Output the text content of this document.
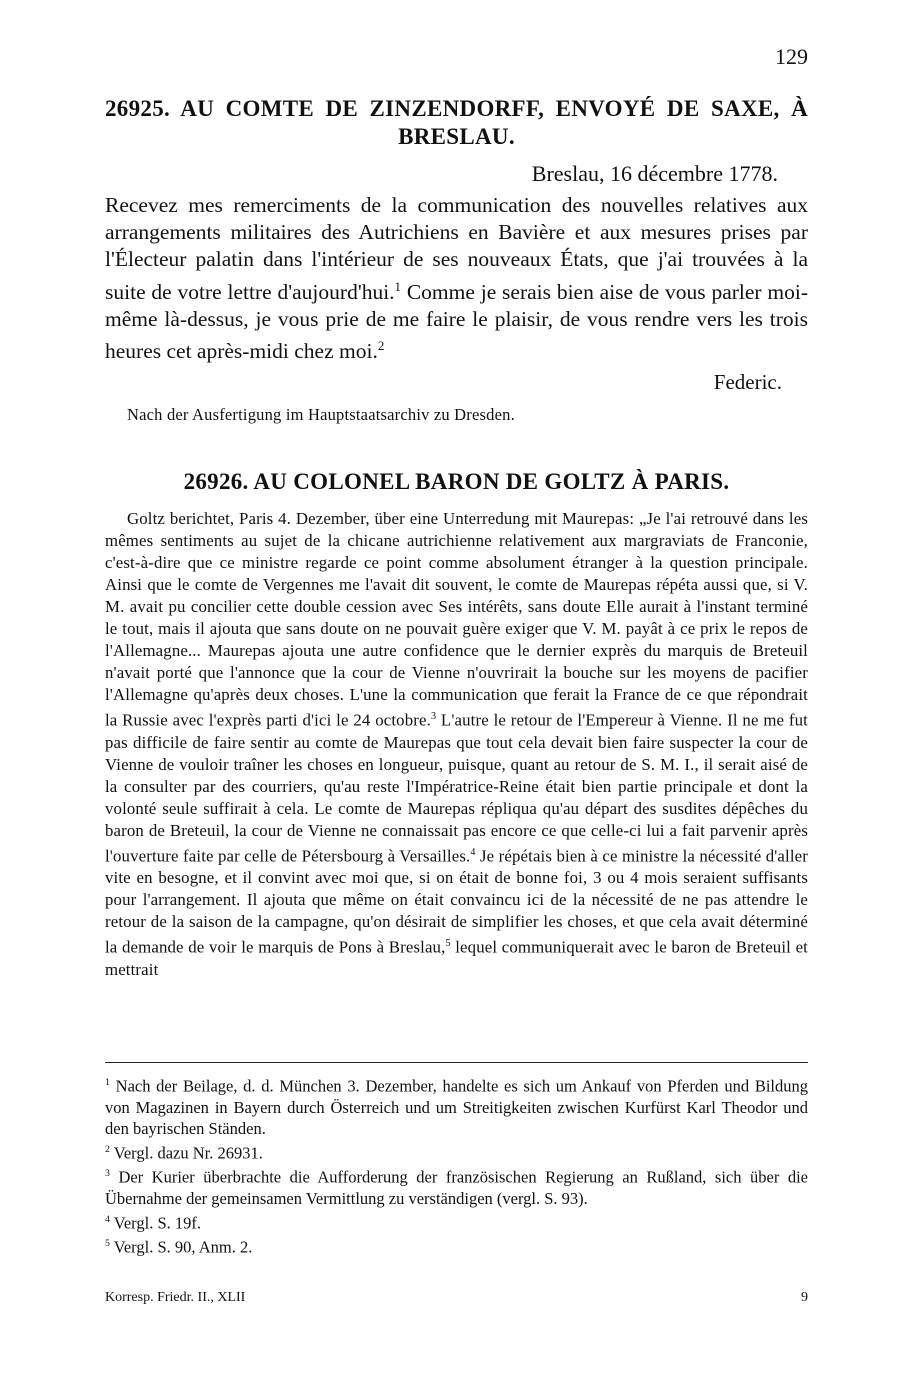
129
26925. AU COMTE DE ZINZENDORFF, ENVOYÉ DE SAXE, À BRESLAU.
Breslau, 16 décembre 1778.

Recevez mes remerciments de la communication des nouvelles relatives aux arrangements militaires des Autrichiens en Bavière et aux mesures prises par l'Électeur palatin dans l'intérieur de ses nouveaux États, que j'ai trouvées à la suite de votre lettre d'aujourd'hui.$^1$ Comme je serais bien aise de vous parler moi-même là-dessus, je vous prie de me faire le plaisir, de vous rendre vers les trois heures cet après-midi chez moi.$^2$

Federic.
Nach der Ausfertigung im Hauptstaatsarchiv zu Dresden.
26926. AU COLONEL BARON DE GOLTZ À PARIS.

Goltz berichtet, Paris 4. Dezember, über eine Unterredung mit Maurepas: „Je l'ai retrouvé dans les mêmes sentiments au sujet de la chicane autrichienne relativement aux margraviats de Franconie, c'est-à-dire que ce ministre regarde ce point comme absolument étranger à la question principale. Ainsi que le comte de Vergennes me l'avait dit souvent, le comte de Maurepas répéta aussi que, si V. M. avait pu concilier cette double cession avec Ses intérêts, sans doute Elle aurait à l'instant terminé le tout, mais il ajouta que sans doute on ne pouvait guère exiger que V. M. payât à ce prix le repos de l'Allemagne... Maurepas ajouta une autre confidence que le dernier exprès du marquis de Breteuil n'avait porté que l'annonce que la cour de Vienne n'ouvrirait la bouche sur les moyens de pacifier l'Allemagne qu'après deux choses. L'une la communication que ferait la France de ce que répondrait la Russie avec l'exprès parti d'ici le 24 octobre.$^3$ L'autre le retour de l'Empereur à Vienne. Il ne me fut pas difficile de faire sentir au comte de Maurepas que tout cela devait bien faire suspecter la cour de Vienne de vouloir traîner les choses en longueur, puisque, quant au retour de S. M. I., il serait aisé de la consulter par des courriers, qu'au reste l'Impératrice-Reine était bien partie principale et dont la volonté seule suffirait à cela. Le comte de Maurepas répliqua qu'au départ des susdites dépêches du baron de Breteuil, la cour de Vienne ne connaissait pas encore ce que celle-ci lui a fait parvenir après l'ouverture faite par celle de Pétersbourg à Versailles.$^4$ Je répétais bien à ce ministre la nécessité d'aller vite en besogne, et il convint avec moi que, si on était de bonne foi, 3 ou 4 mois seraient suffisants pour l'arrangement. Il ajouta que même on était convaincu ici de la nécessité de ne pas attendre le retour de la saison de la campagne, qu'on désirait de simplifier les choses, et que cela avait déterminé la demande de voir le marquis de Pons à Breslau,$^5$ lequel communiquerait avec le baron de Breteuil et mettrait

$^1$ Nach der Beilage, d. d. München 3. Dezember, handelte es sich um Ankauf von Pferden und Bildung von Magazinen in Bayern durch Österreich und um Streitigkeiten zwischen Kurfürst Karl Theodor und den bayrischen Ständen.

$^2$ Vergl. dazu Nr. 26931.

$^3$ Der Kurier überbrachte die Aufforderung der französischen Regierung an Rußland, sich über die Übernahme der gemeinsamen Vermittlung zu verständigen (vergl. S. 93).

$^4$ Vergl. S. 19f.

$^5$ Vergl. S. 90, Anm. 2.

Korresp. Friedr. II., XLII	9
